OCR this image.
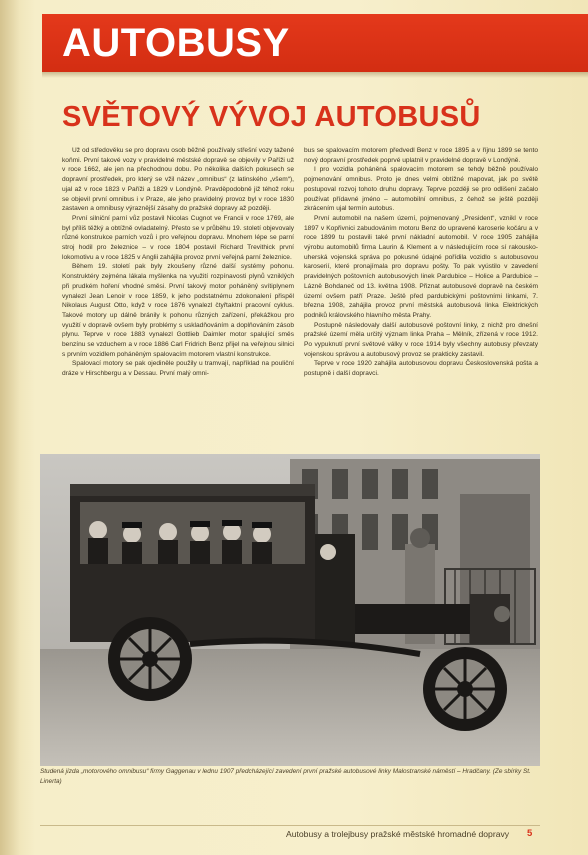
AUTOBUSY
SVĚTOVÝ VÝVOJ AUTOBUSŮ

Už od středověku se pro dopravu osob běžně používaly střešní vozy tažené koňmi. První takové vozy v pravidelné městské dopravě se objevily v Paříži už v roce 1662, ale jen na přechodnou dobu. Po několika dalších pokusech se dopravní prostředek, pro který se vžil název „omnibus“ (z latinského „všem“), ujal až v roce 1823 v Paříži a 1829 v Londýně. Pravděpodobně již téhož roku se objevil první omnibus i v Praze, ale jeho pravidelný provoz byl v roce 1830 zastaven a omnibusy výraznější zásahy do pražské dopravy až později.

První silniční parní vůz postavil Nicolas Cugnot ve Francii v roce 1769, ale byl příliš těžký a obtížně ovladatelný. Přesto se v průběhu 19. století objevovaly různé konstrukce parních vozů i pro veřejnou dopravu. Mnohem lépe se parní stroj hodil pro železnice – v roce 1804 postavil Richard Trevithick první lokomotivu a v roce 1825 v Anglii zahájila provoz první veřejná parní železnice.

Během 19. století pak byly zkoušeny různé další systémy pohonu. Konstruktéry zejména lákala myšlenka na využití rozpínavosti plynů vzniklých při prudkém hoření vhodné směsi. První takový motor poháněný svítiplynem vynalezl Jean Lenoir v roce 1859, k jeho podstatnému zdokonalení přispěl Nikolaus August Otto, když v roce 1876 vynalezl čtyřtaktní pracovní cyklus. Takové motory up dálně bránily k pohonu různých zařízení, překážkou pro využití v dopravě ovšem byly problémy s uskladňováním a doplňováním zásob plynu. Teprve v roce 1883 vynalezl Gottlieb Daimler motor spalující směs benzínu se vzduchem a v roce 1886 Carl Fridrich Benz přijel na veřejnou silnici s prvním vozidlem poháněným spalovacím motorem vlastní konstrukce.

Spalovací motory se pak ojediněle použily u tramvají, například na pouliční dráze v Hirschbergu a v Dessau. První malý omni-

bus se spalovacím motorem předvedl Benz v roce 1895 a v říjnu 1899 se tento nový dopravní prostředek poprvé uplatnil v pravidelné dopravě v Londýně.

I pro vozidla poháněná spalovacím motorem se tehdy běžně používalo pojmenování omnibus. Proto je dnes velmi obtížné mapovat, jak po světě postupoval rozvoj tohoto druhu dopravy. Teprve později se pro odlišení začalo používat přídavné jméno – automobilní omnibus, z čehož se ještě později zkrácením ujal termín autobus.

První automobil na našem území, pojmenovaný „President“, vznikl v roce 1897 v Kopřivnici zabudováním motoru Benz do upravené karoserie kočáru a v roce 1899 tu postavili také první nákladní automobil. V roce 1905 zahájila výrobu automobilů firma Laurin & Klement a v následujícím roce sí rakousko-uherská vojenská správa po pokusné údajné pořídila vozidlo s autobusovou karoserií, které pronajímala pro dopravu pošty. To pak vyústilo v zavedení pravidelných poštovních autobusových linek Pardubice – Holice a Pardubice – Lázně Bohdaneč od 13. května 1908. Přiznat autobusové dopravě na českém území ovšem patří Praze. Ještě před pardubickými poštovními linkami, 7. března 1908, zahájila provoz první městská autobusová linka Elektrických podniků královského hlavního města Prahy.

Postupně následovaly další autobusové poštovní linky, z nichž pro dnešní pražské území měla určitý význam linka Praha – Mělník, zřízená v roce 1912. Po vypuknutí první světové války v roce 1914 byly všechny autobusy převzaty vojenskou správou a autobusový provoz se prakticky zastavil.

Teprve v roce 1920 zahájila autobusovou dopravu Československá pošta a postupně i další dopravci.

Studená jízda „motorového omnibusu“ firmy Gaggenau v lednu 1907 předcházející zavedení první pražské autobusové linky Malostranské náměstí – Hradčany. (Ze sbírky St. Linerta)
Autobusy a trolejbusy pražské městské hromadné dopravy 5
